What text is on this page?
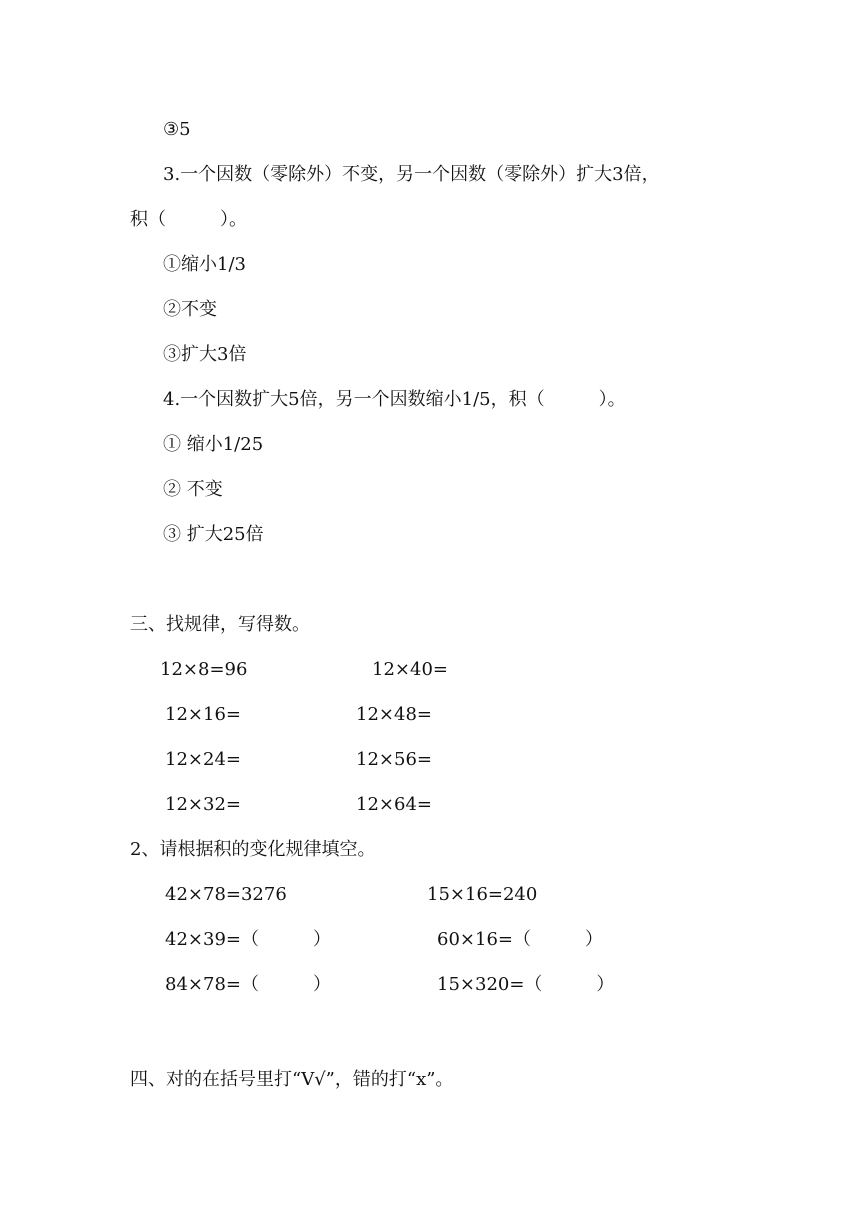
③5
3.一个因数（零除外）不变，另一个因数（零除外）扩大3倍，
积（　　　）。
①缩小1/3
②不变
③扩大3倍
4.一个因数扩大5倍，另一个因数缩小1/5，积（　　　）。
① 缩小1/25
② 不变
③ 扩大25倍
三、找规律，写得数。
12×8=96	12×40=
12×16=	12×48=
12×24=	12×56=
12×32=	12×64=
2、请根据积的变化规律填空。
42×78=3276	15×16=240
42×39=（　　　）	60×16=（　　　）
84×78=（　　　）	15×320=（　　　）
四、对的在括号里打“V√”，错的打“x”。
